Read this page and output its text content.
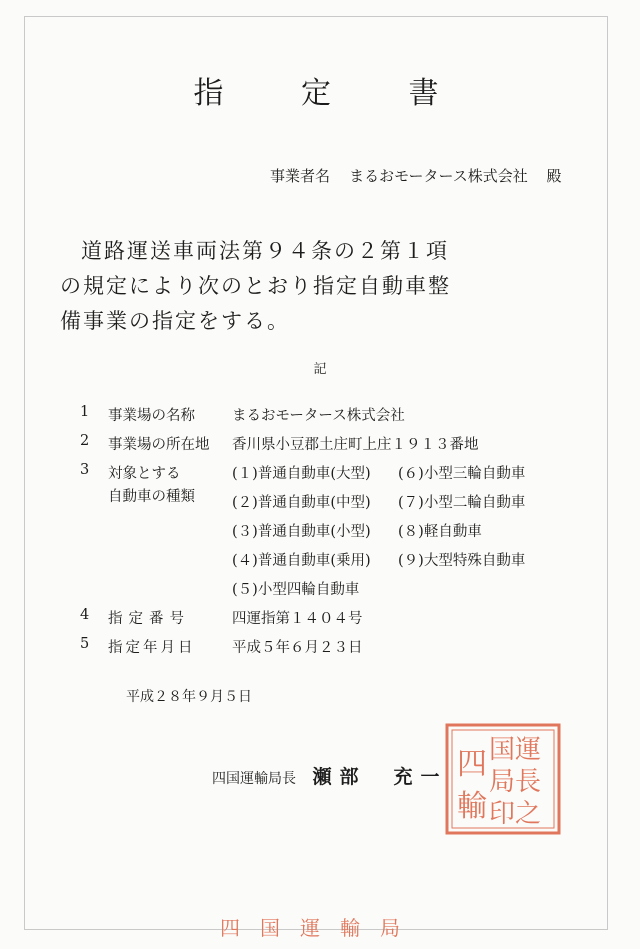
指 定 書
事業者名 まるおモータース株式会社 殿
道路運送車両法第９４条の２第１項
の規定により次のとおり指定自動車整
備事業の指定をする。
記
1	事業場の名称	まるおモータース株式会社
2	事業場の所在地	香川県小豆郡土庄町上庄１９１３番地
3	対象とする
自動車の種類
(１)普通自動車(大型) (６)小型三輪自動車
(２)普通自動車(中型) (７)小型二輪自動車
(３)普通自動車(小型) (８)軽自動車
(４)普通自動車(乗用) (９)大型特殊自動車
(５)小型四輪自動車
4	指定番号	四運指第１４０４号
5	指定年月日	平成５年６月２３日
平成２８年９月５日
四国運輸局長 瀬部　充一
運
長
之
国
局
印
四
輸
四国運輸局
